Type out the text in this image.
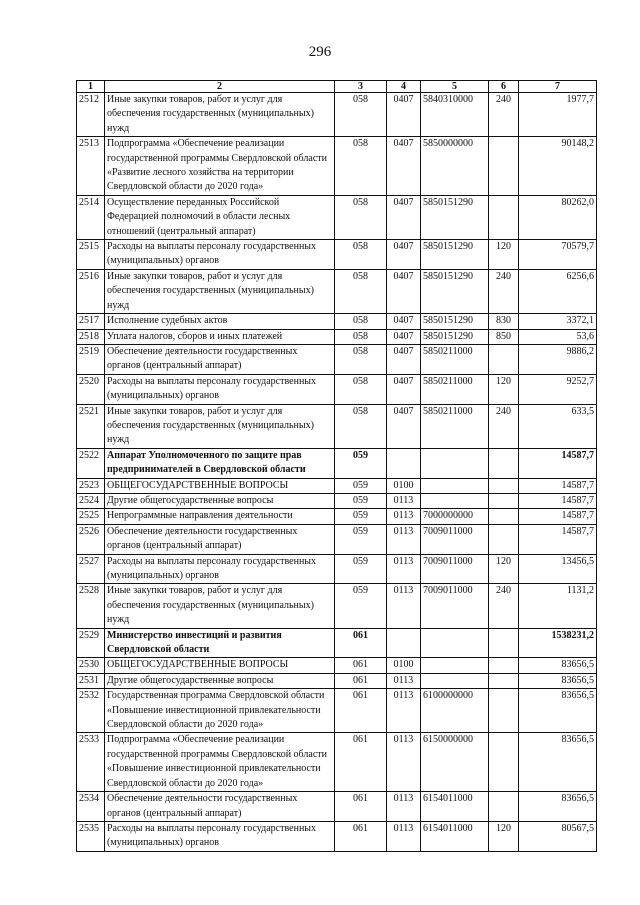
296
1	2	3	4	5	6	7
2512	Иные закупки товаров, работ и услуг для обеспечения государственных (муниципальных) нужд	058	0407	5840310000	240	1977,7
2513	Подпрограмма «Обеспечение реализации государственной программы Свердловской области «Развитие лесного хозяйства на территории Свердловской области до 2020 года»	058	0407	5850000000		90148,2
2514	Осуществление переданных Российской Федерацией полномочий в области лесных отношений (центральный аппарат)	058	0407	5850151290		80262,0
2515	Расходы на выплаты персоналу государственных (муниципальных) органов	058	0407	5850151290	120	70579,7
2516	Иные закупки товаров, работ и услуг для обеспечения государственных (муниципальных) нужд	058	0407	5850151290	240	6256,6
2517	Исполнение судебных актов	058	0407	5850151290	830	3372,1
2518	Уплата налогов, сборов и иных платежей	058	0407	5850151290	850	53,6
2519	Обеспечение деятельности государственных органов (центральный аппарат)	058	0407	5850211000		9886,2
2520	Расходы на выплаты персоналу государственных (муниципальных) органов	058	0407	5850211000	120	9252,7
2521	Иные закупки товаров, работ и услуг для обеспечения государственных (муниципальных) нужд	058	0407	5850211000	240	633,5
2522	Аппарат Уполномоченного по защите прав предпринимателей в Свердловской области	059				14587,7
2523	ОБЩЕГОСУДАРСТВЕННЫЕ ВОПРОСЫ	059	0100			14587,7
2524	Другие общегосударственные вопросы	059	0113			14587,7
2525	Непрограммные направления деятельности	059	0113	7000000000		14587,7
2526	Обеспечение деятельности государственных органов (центральный аппарат)	059	0113	7009011000		14587,7
2527	Расходы на выплаты персоналу государственных (муниципальных) органов	059	0113	7009011000	120	13456,5
2528	Иные закупки товаров, работ и услуг для обеспечения государственных (муниципальных) нужд	059	0113	7009011000	240	1131,2
2529	Министерство инвестиций и развития Свердловской области	061				1538231,2
2530	ОБЩЕГОСУДАРСТВЕННЫЕ ВОПРОСЫ	061	0100			83656,5
2531	Другие общегосударственные вопросы	061	0113			83656,5
2532	Государственная программа Свердловской области «Повышение инвестиционной привлекательности Свердловской области до 2020 года»	061	0113	6100000000		83656,5
2533	Подпрограмма «Обеспечение реализации государственной программы Свердловской области «Повышение инвестиционной привлекательности Свердловской области до 2020 года»	061	0113	6150000000		83656,5
2534	Обеспечение деятельности государственных органов (центральный аппарат)	061	0113	6154011000		83656,5
2535	Расходы на выплаты персоналу государственных (муниципальных) органов	061	0113	6154011000	120	80567,5
